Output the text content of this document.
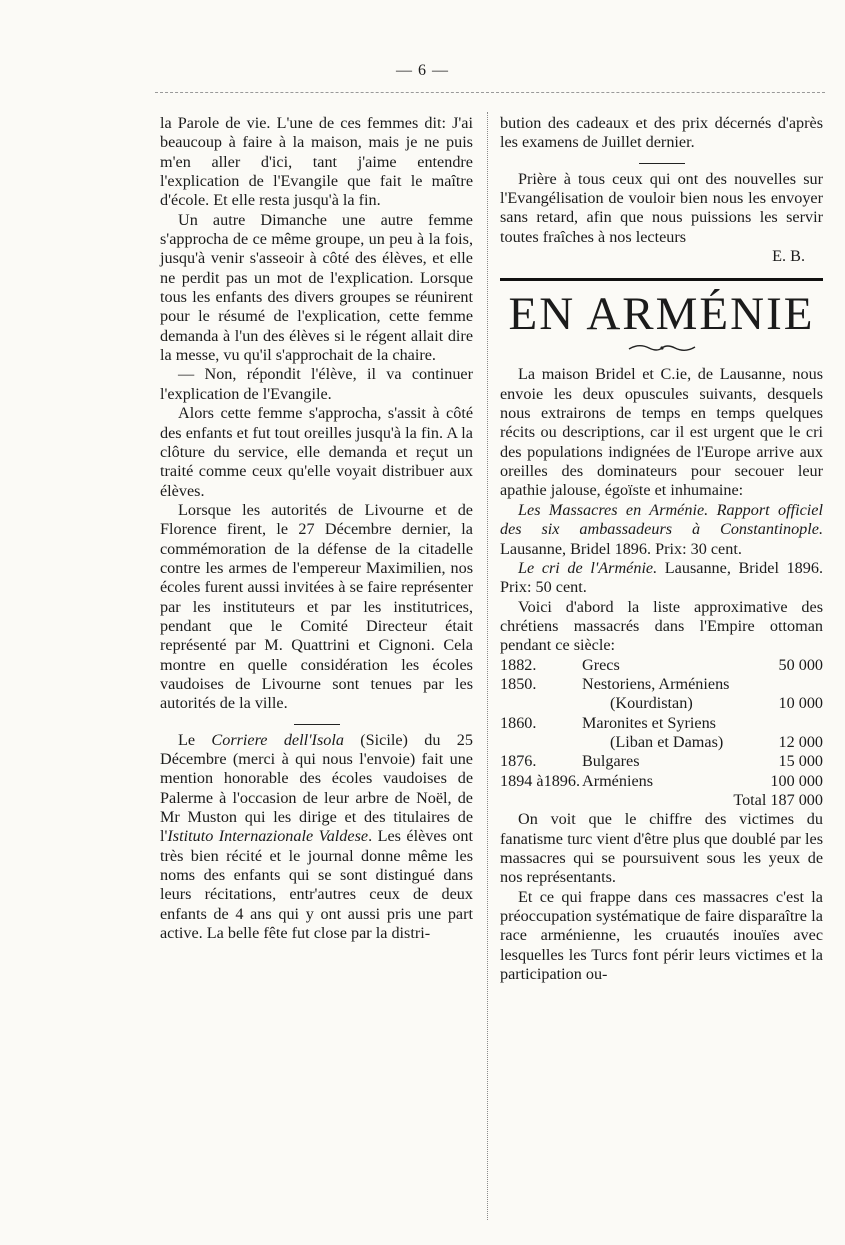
— 6 —

la Parole de vie. L'une de ces femmes dit: J'ai beaucoup à faire à la maison, mais je ne puis m'en aller d'ici, tant j'aime entendre l'explication de l'Evangile que fait le maître d'école. Et elle resta jusqu'à la fin.

Un autre Dimanche une autre femme s'approcha de ce même groupe, un peu à la fois, jusqu'à venir s'asseoir à côté des élèves, et elle ne perdit pas un mot de l'explication. Lorsque tous les enfants des divers groupes se réunirent pour le résumé de l'explication, cette femme demanda à l'un des élèves si le régent allait dire la messe, vu qu'il s'approchait de la chaire.

— Non, répondit l'élève, il va continuer l'explication de l'Evangile.

Alors cette femme s'approcha, s'assit à côté des enfants et fut tout oreilles jusqu'à la fin. A la clôture du service, elle demanda et reçut un traité comme ceux qu'elle voyait distribuer aux élèves.

Lorsque les autorités de Livourne et de Florence firent, le 27 Décembre dernier, la commémoration de la défense de la citadelle contre les armes de l'empereur Maximilien, nos écoles furent aussi invitées à se faire représenter par les instituteurs et par les institutrices, pendant que le Comité Directeur était représenté par M. Quattrini et Cignoni. Cela montre en quelle considération les écoles vaudoises de Livourne sont tenues par les autorités de la ville.

Le Corriere dell'Isola (Sicile) du 25 Décembre (merci à qui nous l'envoie) fait une mention honorable des écoles vaudoises de Palerme à l'occasion de leur arbre de Noël, de Mr Muston qui les dirige et des titulaires de l'Istituto Internazionale Valdese. Les élèves ont très bien récité et le journal donne même les noms des enfants qui se sont distingué dans leurs récitations, entr'autres ceux de deux enfants de 4 ans qui y ont aussi pris une part active. La belle fête fut close par la distri-

bution des cadeaux et des prix décernés d'après les examens de Juillet dernier.

Prière à tous ceux qui ont des nouvelles sur l'Evangélisation de vouloir bien nous les envoyer sans retard, afin que nous puissions les servir toutes fraîches à nos lecteurs

E. B.

EN ARMÉNIE

La maison Bridel et C.ie, de Lausanne, nous envoie les deux opuscules suivants, desquels nous extrairons de temps en temps quelques récits ou descriptions, car il est urgent que le cri des populations indignées de l'Europe arrive aux oreilles des dominateurs pour secouer leur apathie jalouse, égoïste et inhumaine:

Les Massacres en Arménie. Rapport officiel des six ambassadeurs à Constantinople. Lausanne, Bridel 1896. Prix: 30 cent.

Le cri de l'Arménie. Lausanne, Bridel 1896. Prix: 50 cent.

Voici d'abord la liste approximative des chrétiens massacrés dans l'Empire ottoman pendant ce siècle:

1882.	Grecs	50 000
1850.	Nestoriens, Arméniens	
	(Kourdistan)	10 000
1860.	Maronites et Syriens	
	(Liban et Damas)	12 000
1876.	Bulgares	15 000
1894 à1896.	Arméniens	100 000

Total 187 000

On voit que le chiffre des victimes du fanatisme turc vient d'être plus que doublé par les massacres qui se poursuivent sous les yeux de nos représentants.

Et ce qui frappe dans ces massacres c'est la préoccupation systématique de faire disparaître la race arménienne, les cruautés inouïes avec lesquelles les Turcs font périr leurs victimes et la participation ou-
